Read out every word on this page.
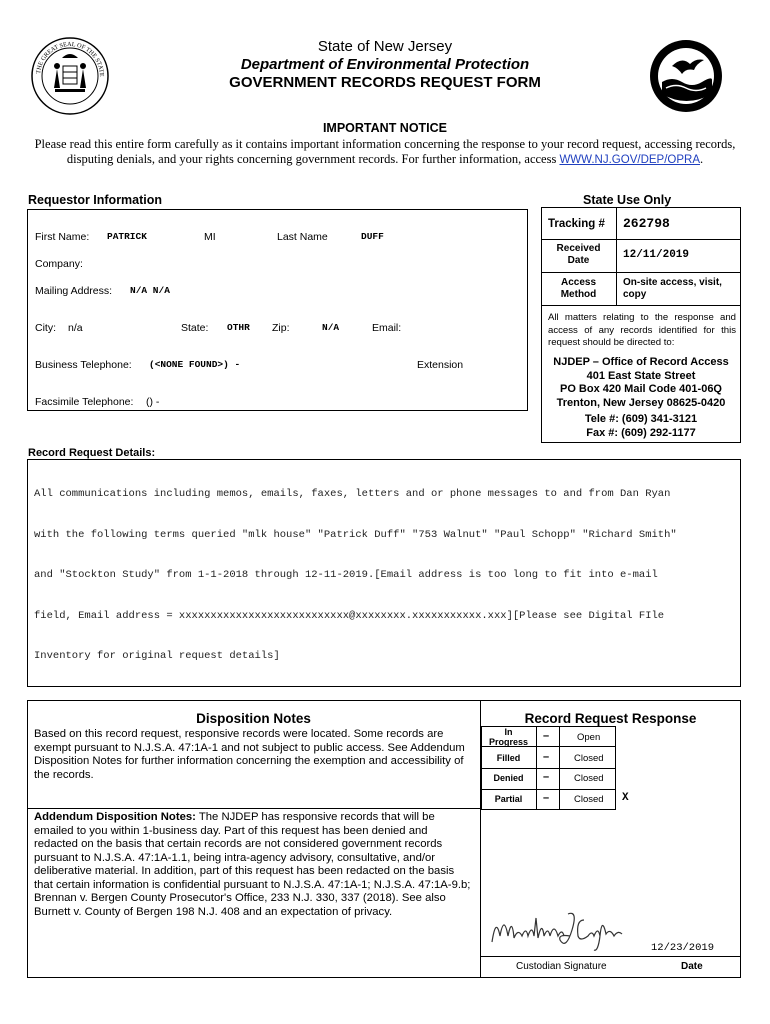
THE GREAT SEAL OF THE STATE
State of New Jersey
Department of Environmental Protection
GOVERNMENT RECORDS REQUEST FORM
IMPORTANT NOTICE
Please read this entire form carefully as it contains important information concerning the response to your record request, accessing records,
disputing denials, and your rights concerning government records. For further information, access WWW.NJ.GOV/DEP/OPRA.
Requestor Information
First Name: PATRICK	MI	Last Name	DUFF
Company:
Mailing Address: N/A N/A
City: n/a	State: OTHR Zip:	N/A	Email:
Business Telephone: (<NONE FOUND>) -	Extension
Facsimile Telephone: () -
State Use Only
Tracking # 262798
Received
Date	12/11/2019
Access
Method
On-site access, visit,
copy
All matters relating to the response and access of any records identified for this request should be directed to:
NJDEP – Office of Record Access
401 East State Street
PO Box 420 Mail Code 401-06Q
Trenton, New Jersey 08625-0420
Tele #: (609) 341-3121
Fax #: (609) 292-1177
Record Request Details:

All communications including memos, emails, faxes, letters and or phone messages to and from Dan Ryan

with the following terms queried "mlk house" "Patrick Duff" "753 Walnut" "Paul Schopp" "Richard Smith"

and "Stockton Study" from 1-1-2018 through 12-11-2019.[Email address is too long to fit into e-mail

field, Email address = xxxxxxxxxxxxxxxxxxxxxxxxxxx@xxxxxxxx.xxxxxxxxxxx.xxx][Please see Digital FIle

Inventory for original request details]

Disposition Notes
Based on this record request, responsive records were located. Some records are
exempt pursuant to N.J.S.A. 47:1A-1 and not subject to public access. See Addendum
Disposition Notes for further information concerning the exemption and accessibility of
the records.
Addendum Disposition Notes: The NJDEP has responsive records that will be
emailed to you within 1-business day. Part of this request has been denied and
redacted on the basis that certain records are not considered government records
pursuant to N.J.S.A. 47:1A-1.1, being intra-agency advisory, consultative, and/or
deliberative material. In addition, part of this request has been redacted on the basis
that certain information is confidential pursuant to N.J.S.A. 47:1A-1; N.J.S.A. 47:1A-9.b;
Brennan v. Bergen County Prosecutor's Office, 233 N.J. 330, 337 (2018). See also
Burnett v. County of Bergen 198 N.J. 408 and an expectation of privacy.
Record Request Response
In
Progress	–	Open
Filled	–	Closed
Denied	–	Closed
Partial	–	Closed X
12/23/2019
Custodian Signature	Date
